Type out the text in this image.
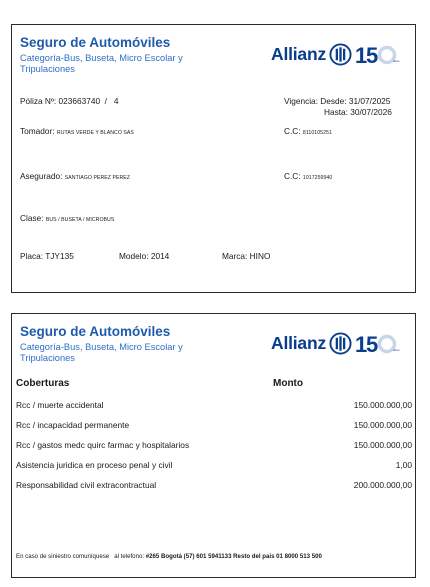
Seguro de Automóviles
Categoría-Bus, Buseta, Micro Escolar y Tripulaciones
Allianz 1
5	años
Póliza Nº: 023663740  /   4	Vigencia: Desde: 31/07/2025
Hasta: 30/07/2026
Tomador: RUTAS VERDE Y BLANCO SAS	C.C: 8110105251
Asegurado: SANTIAGO PEREZ PEREZ	C.C: 1017259940
Clase: BUS / BUSETA / MICROBUS
Placa: TJY135	Modelo: 2014	Marca: HINO
Seguro de Automóviles
Categoría-Bus, Buseta, Micro Escolar y Tripulaciones
Allianz 1
5	años
Coberturas	Monto
Rcc / muerte accidental	150.000.000,00
Rcc / incapacidad permanente	150.000.000,00
Rcc / gastos medc quirc farmac y hospitalarios	150.000.000,00
Asistencia juridica en proceso penal y civil	1,00
Responsabilidad civil extracontractual	200.000.000,00
En caso de siniestro comuníquese   al telefono: #265 Bogotá (57) 601 5941133 Resto del país 01 8000 513 500
